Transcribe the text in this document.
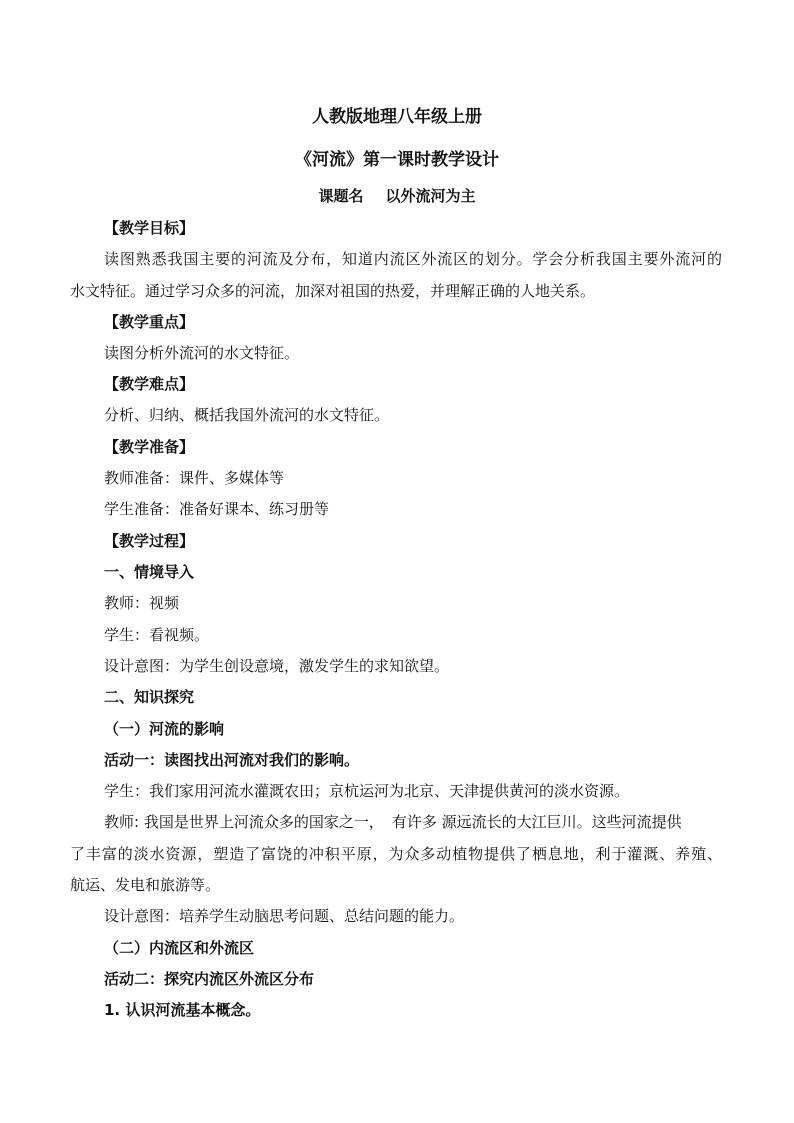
人教版地理八年级上册
《河流》第一课时教学设计
课题名 以外流河为主
【教学目标】
读图熟悉我国主要的河流及分布，知道内流区外流区的划分。学会分析我国主要外流河的
水文特征。通过学习众多的河流，加深对祖国的热爱，并理解正确的人地关系。
【教学重点】
读图分析外流河的水文特征。
【教学难点】
分析、归纳、概括我国外流河的水文特征。
【教学准备】
教师准备：课件、多媒体等
学生准备：准备好课本、练习册等
【教学过程】
一、情境导入
教师：视频
学生：看视频。
设计意图：为学生创设意境，激发学生的求知欲望。
二、知识探究
（一）河流的影响
活动一：读图找出河流对我们的影响。
学生：我们家用河流水灌溉农田；京杭运河为北京、天津提供黄河的淡水资源。
教师: 我国是世界上河流众多的国家之一， 有许多 源远流长的大江巨川。这些河流提供
了丰富的淡水资源，塑造了富饶的冲积平原，为众多动植物提供了栖息地，利于灌溉、养殖、
航运、发电和旅游等。
设计意图：培养学生动脑思考问题、总结问题的能力。
（二）内流区和外流区
活动二：探究内流区外流区分布
1. 认识河流基本概念。
